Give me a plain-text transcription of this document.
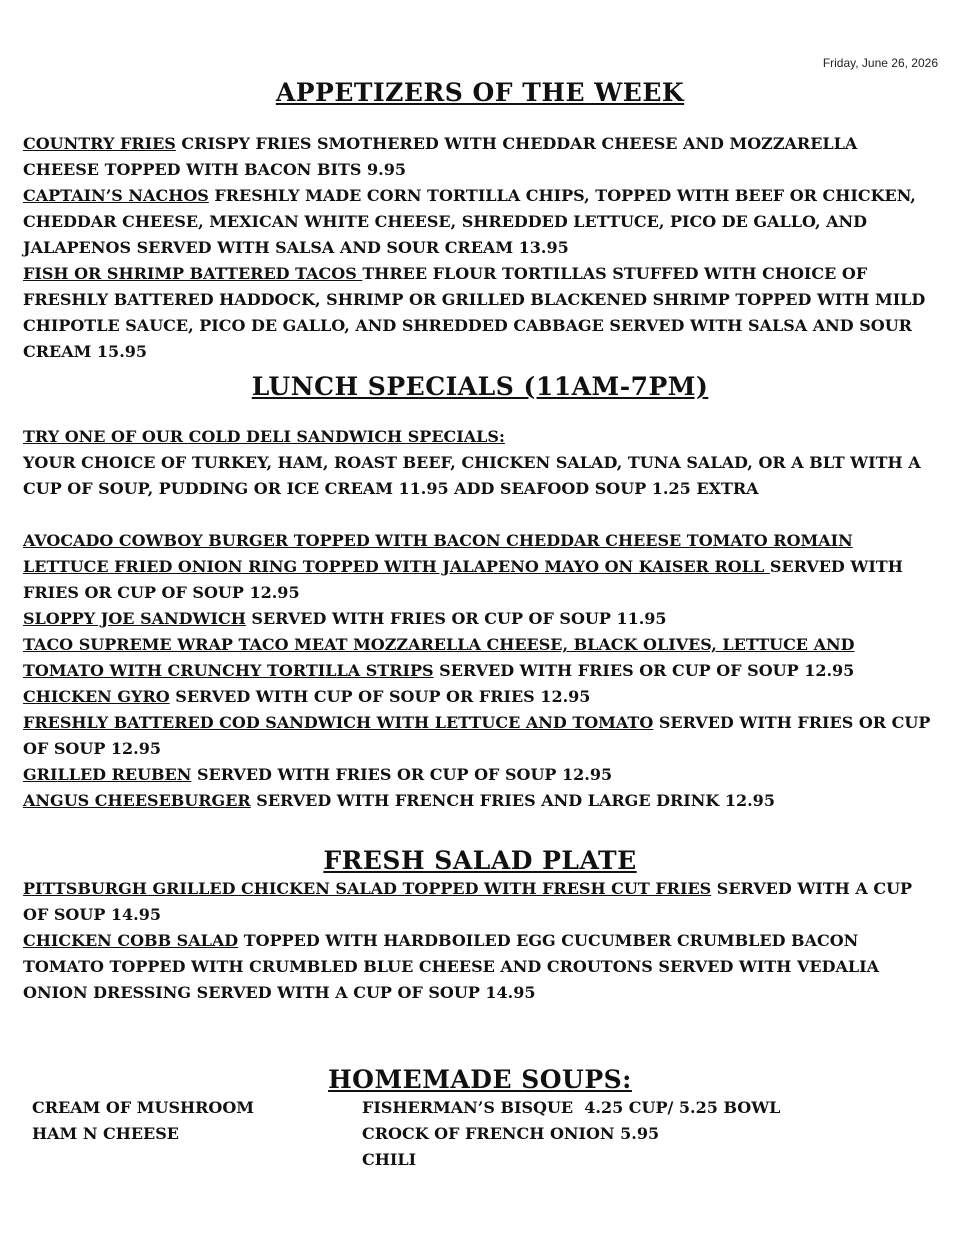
Friday, June 26, 2026
APPETIZERS OF THE WEEK

COUNTRY FRIES CRISPY FRIES SMOTHERED WITH CHEDDAR CHEESE AND MOZZARELLA CHEESE TOPPED WITH BACON BITS 9.95

CAPTAIN’S NACHOS FRESHLY MADE CORN TORTILLA CHIPS, TOPPED WITH BEEF OR CHICKEN, CHEDDAR CHEESE, MEXICAN WHITE CHEESE, SHREDDED LETTUCE, PICO DE GALLO, AND JALAPENOS SERVED WITH SALSA AND SOUR CREAM 13.95

FISH OR SHRIMP BATTERED TACOS THREE FLOUR TORTILLAS STUFFED WITH CHOICE OF FRESHLY BATTERED HADDOCK, SHRIMP OR GRILLED BLACKENED SHRIMP TOPPED WITH MILD CHIPOTLE SAUCE, PICO DE GALLO, AND SHREDDED CABBAGE SERVED WITH SALSA AND SOUR CREAM 15.95

LUNCH SPECIALS (11AM-7PM)

TRY ONE OF OUR COLD DELI SANDWICH SPECIALS:

YOUR CHOICE OF TURKEY, HAM, ROAST BEEF, CHICKEN SALAD, TUNA SALAD, OR A BLT WITH A CUP OF SOUP, PUDDING OR ICE CREAM 11.95 ADD SEAFOOD SOUP 1.25 EXTRA

AVOCADO COWBOY BURGER TOPPED WITH BACON CHEDDAR CHEESE TOMATO ROMAIN LETTUCE FRIED ONION RING TOPPED WITH JALAPENO MAYO ON KAISER ROLL SERVED WITH FRIES OR CUP OF SOUP 12.95

SLOPPY JOE SANDWICH SERVED WITH FRIES OR CUP OF SOUP 11.95

TACO SUPREME WRAP TACO MEAT MOZZARELLA CHEESE, BLACK OLIVES, LETTUCE AND TOMATO WITH CRUNCHY TORTILLA STRIPS SERVED WITH FRIES OR CUP OF SOUP 12.95

CHICKEN GYRO SERVED WITH CUP OF SOUP OR FRIES 12.95

FRESHLY BATTERED COD SANDWICH WITH LETTUCE AND TOMATO SERVED WITH FRIES OR CUP OF SOUP 12.95

GRILLED REUBEN SERVED WITH FRIES OR CUP OF SOUP 12.95

ANGUS CHEESEBURGER SERVED WITH FRENCH FRIES AND LARGE DRINK 12.95

FRESH SALAD PLATE

PITTSBURGH GRILLED CHICKEN SALAD TOPPED WITH FRESH CUT FRIES SERVED WITH A CUP OF SOUP 14.95

CHICKEN COBB SALAD TOPPED WITH HARDBOILED EGG CUCUMBER CRUMBLED BACON TOMATO TOPPED WITH CRUMBLED BLUE CHEESE AND CROUTONS SERVED WITH VEDALIA ONION DRESSING SERVED WITH A CUP OF SOUP 14.95

HOMEMADE SOUPS:
CREAM OF MUSHROOM
HAM N CHEESE
FISHERMAN’S BISQUE  4.25 CUP/ 5.25 BOWL
CROCK OF FRENCH ONION 5.95
CHILI
